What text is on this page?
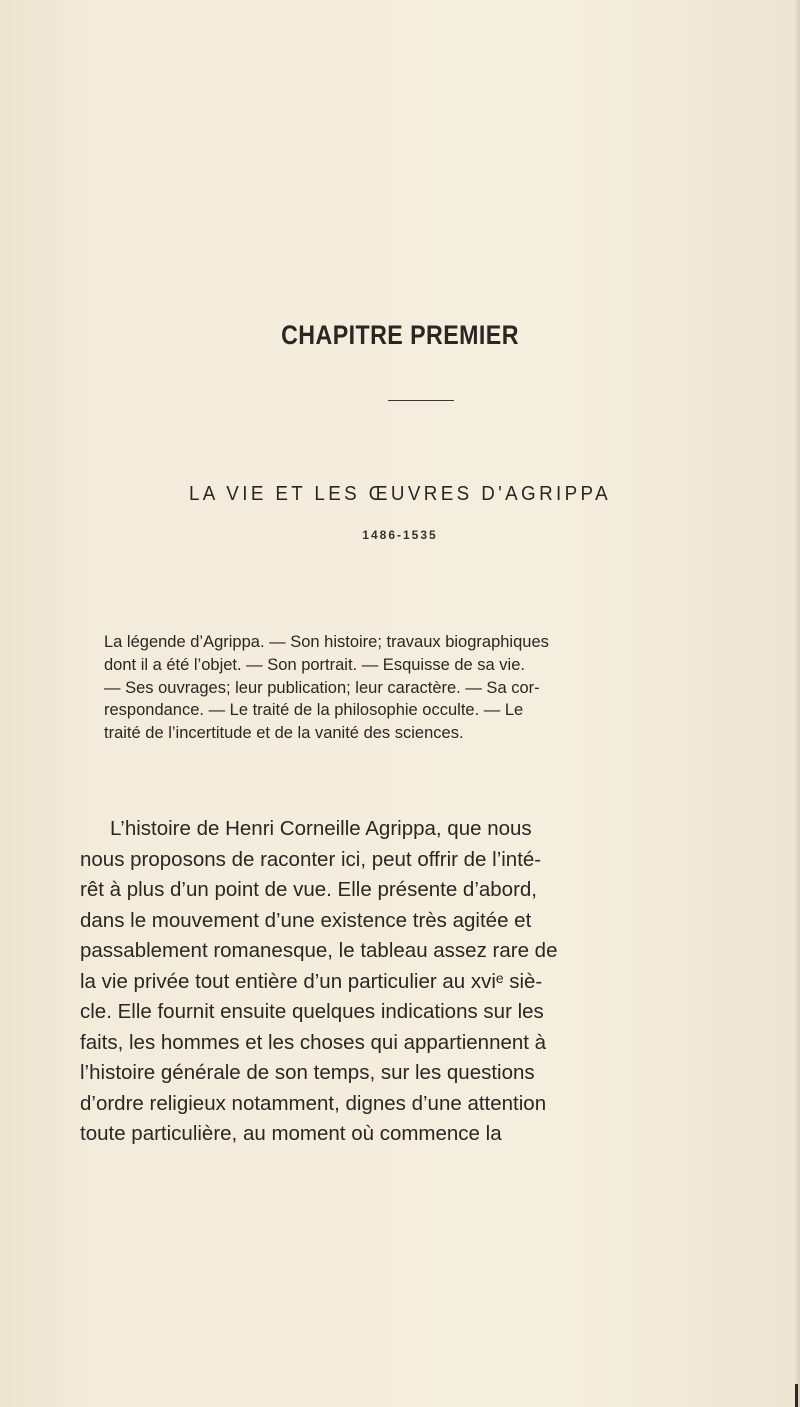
CHAPITRE PREMIER
LA VIE ET LES ŒUVRES D'AGRIPPA
1486-1535
La légende d’Agrippa. — Son histoire; travaux biographiques
dont il a été l’objet. — Son portrait. — Esquisse de sa vie.
— Ses ouvrages; leur publication; leur caractère. — Sa cor-
respondance. — Le traité de la philosophie occulte. — Le
traité de l’incertitude et de la vanité des sciences.
L’histoire de Henri Corneille Agrippa, que nous
nous proposons de raconter ici, peut offrir de l’inté-
rêt à plus d’un point de vue. Elle présente d’abord,
dans le mouvement d’une existence très agitée et
passablement romanesque, le tableau assez rare de
la vie privée tout entière d’un particulier au xviᵉ siè-
cle. Elle fournit ensuite quelques indications sur les
faits, les hommes et les choses qui appartiennent à
l’histoire générale de son temps, sur les questions
d’ordre religieux notamment, dignes d’une attention
toute particulière, au moment où commence la
